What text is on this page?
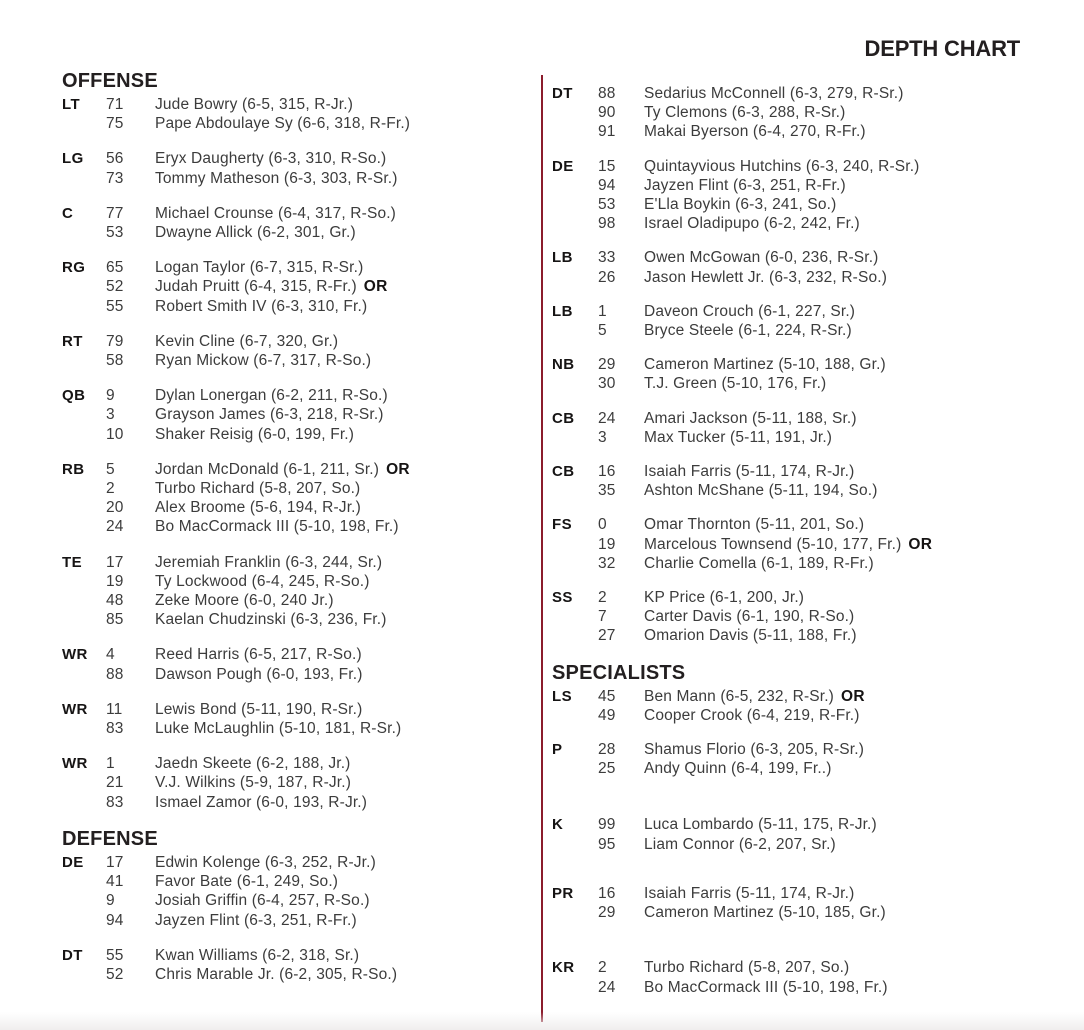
DEPTH CHART
OFFENSE
LT 71	Jude Bowry (6-5, 315, R-Jr.)
75	Pape Abdoulaye Sy (6-6, 318, R-Fr.)
LG 56	Eryx Daugherty (6-3, 310, R-So.)
73	Tommy Matheson (6-3, 303, R-Sr.)
C 77	Michael Crounse (6-4, 317, R-So.)
53	Dwayne Allick (6-2, 301, Gr.)
RG 65	Logan Taylor (6-7, 315, R-Sr.)
52	Judah Pruitt (6-4, 315, R-Fr.) OR
55	Robert Smith IV (6-3, 310, Fr.)
RT 79	Kevin Cline (6-7, 320, Gr.)
58	Ryan Mickow (6-7, 317, R-So.)
QB 9	Dylan Lonergan (6-2, 211, R-So.)
3	Grayson James (6-3, 218, R-Sr.)
10	Shaker Reisig (6-0, 199, Fr.)
RB 5	Jordan McDonald (6-1, 211, Sr.) OR
2	Turbo Richard (5-8, 207, So.)
20	Alex Broome (5-6, 194, R-Jr.)
24	Bo MacCormack III (5-10, 198, Fr.)
TE 17	Jeremiah Franklin (6-3, 244, Sr.)
19	Ty Lockwood (6-4, 245, R-So.)
48	Zeke Moore (6-0, 240 Jr.)
85	Kaelan Chudzinski (6-3, 236, Fr.)
WR 4	Reed Harris (6-5, 217, R-So.)
88	Dawson Pough (6-0, 193, Fr.)
WR 11	Lewis Bond (5-11, 190, R-Sr.)
83	Luke McLaughlin (5-10, 181, R-Sr.)
WR 1	Jaedn Skeete (6-2, 188, Jr.)
21	V.J. Wilkins (5-9, 187, R-Jr.)
83	Ismael Zamor (6-0, 193, R-Jr.)
DEFENSE
DE 17	Edwin Kolenge (6-3, 252, R-Jr.)
41	Favor Bate (6-1, 249, So.)
9	Josiah Griffin (6-4, 257, R-So.)
94	Jayzen Flint (6-3, 251, R-Fr.)
DT 55	Kwan Williams (6-2, 318, Sr.)
52	Chris Marable Jr. (6-2, 305, R-So.)
DT 88	Sedarius McConnell (6-3, 279, R-Sr.)
90	Ty Clemons (6-3, 288, R-Sr.)
91	Makai Byerson (6-4, 270, R-Fr.)
DE 15	Quintayvious Hutchins (6-3, 240, R-Sr.)
94	Jayzen Flint (6-3, 251, R-Fr.)
53	E'Lla Boykin (6-3, 241, So.)
98	Israel Oladipupo (6-2, 242, Fr.)
LB 33	Owen McGowan (6-0, 236, R-Sr.)
26	Jason Hewlett Jr. (6-3, 232, R-So.)
LB 1	Daveon Crouch (6-1, 227, Sr.)
5	Bryce Steele (6-1, 224, R-Sr.)
NB 29	Cameron Martinez (5-10, 188, Gr.)
30	T.J. Green (5-10, 176, Fr.)
CB 24	Amari Jackson (5-11, 188, Sr.)
3	Max Tucker (5-11, 191, Jr.)
CB 16	Isaiah Farris (5-11, 174, R-Jr.)
35	Ashton McShane (5-11, 194, So.)
FS 0	Omar Thornton (5-11, 201, So.)
19	Marcelous Townsend (5-10, 177, Fr.) OR
32	Charlie Comella (6-1, 189, R-Fr.)
SS 2	KP Price (6-1, 200, Jr.)
7	Carter Davis (6-1, 190, R-So.)
27	Omarion Davis (5-11, 188, Fr.)
SPECIALISTS
LS 45	Ben Mann (6-5, 232, R-Sr.) OR
49	Cooper Crook (6-4, 219, R-Fr.)
P 28	Shamus Florio (6-3, 205, R-Sr.)
25	Andy Quinn (6-4, 199, Fr..)
K 99	Luca Lombardo (5-11, 175, R-Jr.)
95	Liam Connor (6-2, 207, Sr.)
PR 16	Isaiah Farris (5-11, 174, R-Jr.)
29	Cameron Martinez (5-10, 185, Gr.)
KR 2	Turbo Richard (5-8, 207, So.)
24	Bo MacCormack III (5-10, 198, Fr.)
